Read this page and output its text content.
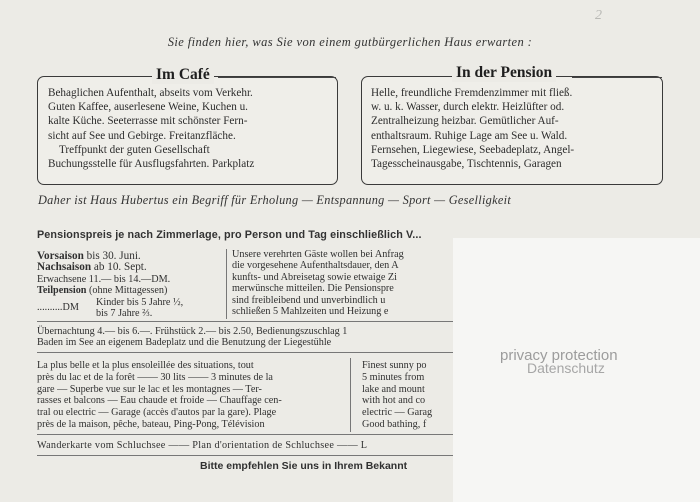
2
Sie finden hier, was Sie von einem gutbürgerlichen Haus erwarten :
Im Café
Behaglichen Aufenthalt, abseits vom Verkehr.
Guten Kaffee, auserlesene Weine, Kuchen u.
kalte Küche. Seeterrasse mit schönster Fern-
sicht auf See und Gebirge. Freitanzfläche.
Treffpunkt der guten Gesellschaft
Buchungsstelle für Ausflugsfahrten. Parkplatz
In der Pension
Helle, freundliche Fremdenzimmer mit fließ.
w. u. k. Wasser, durch elektr. Heizlüfter od.
Zentralheizung heizbar. Gemütlicher Auf-
enthaltsraum. Ruhige Lage am See u. Wald.
Fernsehen, Liegewiese, Seebadeplatz, Angel-
Tagesscheinausgabe, Tischtennis, Garagen
Daher ist Haus Hubertus ein Begriff für Erholung — Entspannung — Sport — Geselligkeit
Pensionspreis je nach Zimmerlage, pro Person und Tag einschließlich V...
Vorsaison bis 30. Juni.
Nachsaison ab 10. Sept.
Erwachsene 11.— bis 14.—DM.
Teilpension (ohne Mittagessen)
..........DM Kinder bis 5 Jahre ½,
bis 7 Jahre ⅔.
Unsere verehrten Gäste wollen bei Anfrag
die vorgesehene Aufenthaltsdauer, den A
kunfts- und Abreisetag sowie etwaige Zi
merwünsche mitteilen. Die Pensionspre
sind freibleibend und unverbindlich u
schließen 5 Mahlzeiten und Heizung e
Übernachtung 4.— bis 6.—. Frühstück 2.— bis 2.50, Bedienungszuschlag 1
Baden im See an eigenem Badeplatz und die Benutzung der Liegestühle
La plus belle et la plus ensoleillée des situations, tout
près du lac et de la forêt —— 30 lits —— 3 minutes de la
gare — Superbe vue sur le lac et les montagnes — Ter-
rasses et balcons — Eau chaude et froide — Chauffage cen-
tral ou electric — Garage (accès d'autos par la gare). Plage
près de la maison, pêche, bateau, Ping-Pong, Télévision
Finest sunny po
5 minutes from
lake and mount
with hot and co
electric — Garag
Good bathing, f
Wanderkarte vom Schluchsee —— Plan d'orientation de Schluchsee —— L
Bitte empfehlen Sie uns in Ihrem Bekannt
privacy protection
Datenschutz
